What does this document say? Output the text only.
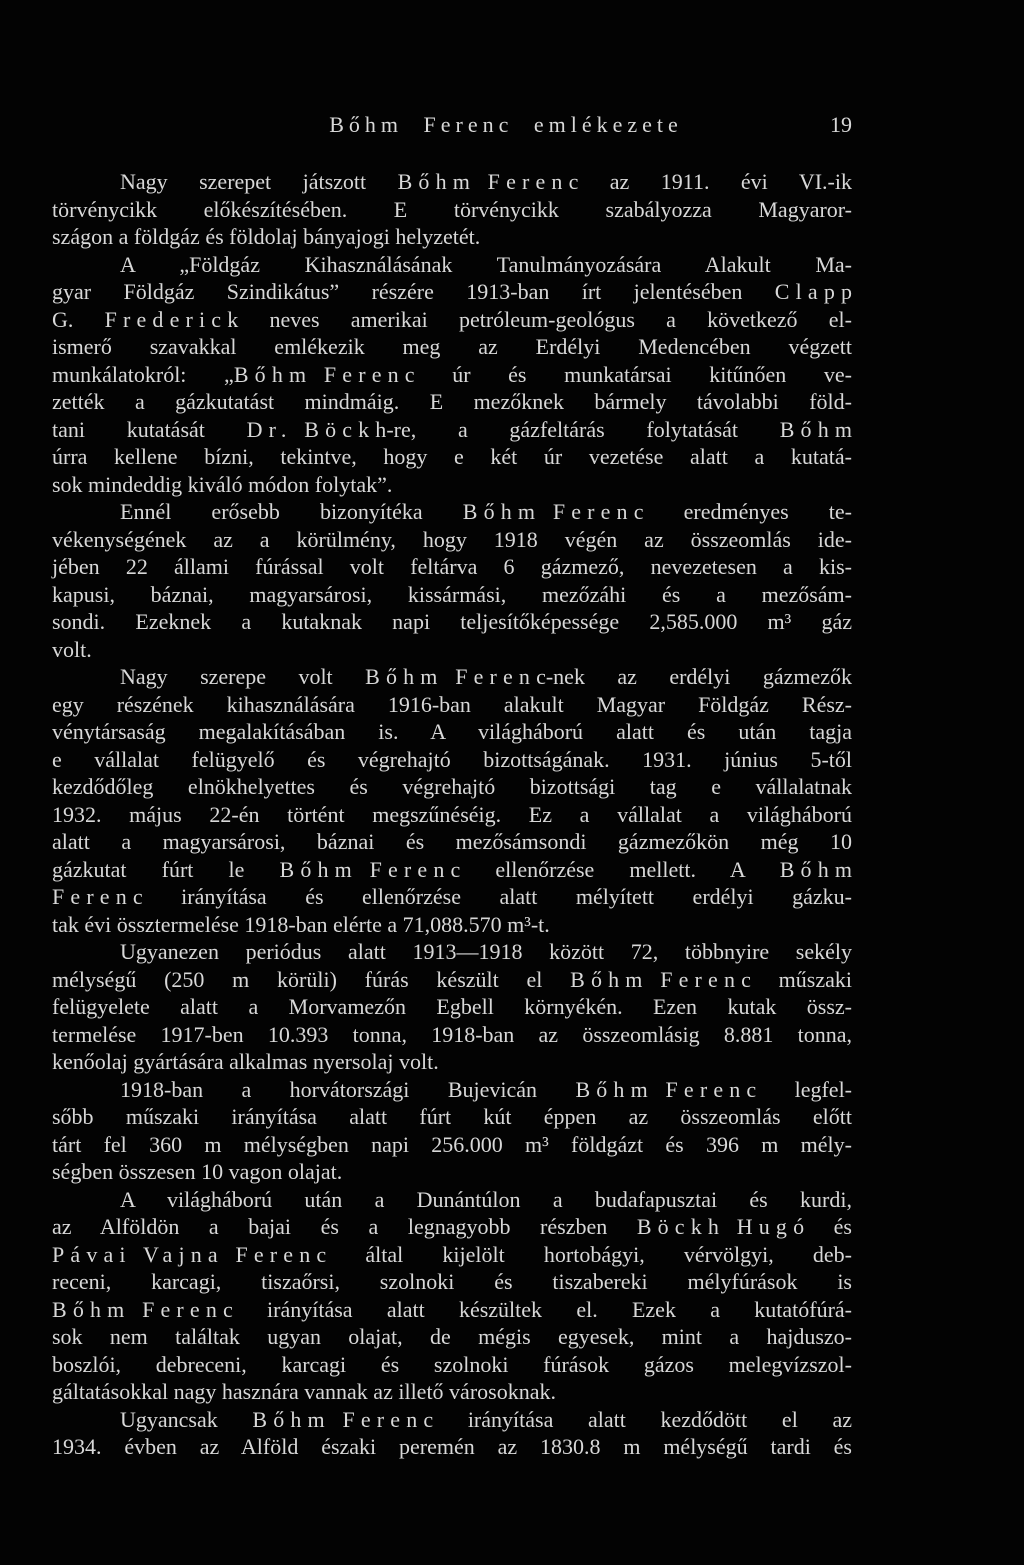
Bőhm Ferenc emlékezete	19
Nagy szerepet játszott Bőhm Ferenc az 1911. évi VI.-ik
törvénycikk előkészítésében. E törvénycikk szabályozza Magyaror-
szágon a földgáz és földolaj bányajogi helyzetét.
A „Földgáz Kihasználásának Tanulmányozására Alakult Ma-
gyar Földgáz Szindikátus” részére 1913-ban írt jelentésében Clapp
G. Frederick neves amerikai petróleum-geológus a következő el-
ismerő szavakkal emlékezik meg az Erdélyi Medencében végzett
munkálatokról: „Bőhm Ferenc úr és munkatársai kitűnően ve-
zették a gázkutatást mindmáig. E mezőknek bármely távolabbi föld-
tani kutatását Dr. Böckh-re, a gázfeltárás folytatását Bőhm
úrra kellene bízni, tekintve, hogy e két úr vezetése alatt a kutatá-
sok mindeddig kiváló módon folytak”.
Ennél erősebb bizonyítéka Bőhm Ferenc eredményes te-
vékenységének az a körülmény, hogy 1918 végén az összeomlás ide-
jében 22 állami fúrással volt feltárva 6 gázmező, nevezetesen a kis-
kapusi, báznai, magyarsárosi, kissármási, mezőzáhi és a mezősám-
sondi. Ezeknek a kutaknak napi teljesítőképessége 2,585.000 m³ gáz
volt.
Nagy szerepe volt Bőhm Ferenc-nek az erdélyi gázmezők
egy részének kihasználására 1916-ban alakult Magyar Földgáz Rész-
vénytársaság megalakításában is. A világháború alatt és után tagja
e vállalat felügyelő és végrehajtó bizottságának. 1931. június 5-től
kezdődőleg elnökhelyettes és végrehajtó bizottsági tag e vállalatnak
1932. május 22-én történt megszűnéséig. Ez a vállalat a világháború
alatt a magyarsárosi, báznai és mezősámsondi gázmezőkön még 10
gázkutat fúrt le Bőhm Ferenc ellenőrzése mellett. A Bőhm
Ferenc irányítása és ellenőrzése alatt mélyített erdélyi gázku-
tak évi össztermelése 1918-ban elérte a 71,088.570 m³-t.
Ugyanezen periódus alatt 1913—1918 között 72, többnyire sekély
mélységű (250 m körüli) fúrás készült el Bőhm Ferenc műszaki
felügyelete alatt a Morvamezőn Egbell környékén. Ezen kutak össz-
termelése 1917-ben 10.393 tonna, 1918-ban az összeomlásig 8.881 tonna,
kenőolaj gyártására alkalmas nyersolaj volt.
1918-ban a horvátországi Bujevicán Bőhm Ferenc legfel-
sőbb műszaki irányítása alatt fúrt kút éppen az összeomlás előtt
tárt fel 360 m mélységben napi 256.000 m³ földgázt és 396 m mély-
ségben összesen 10 vagon olajat.
A világháború után a Dunántúlon a budafapusztai és kurdi,
az Alföldön a bajai és a legnagyobb részben Böckh Hugó és
Pávai Vajna Ferenc által kijelölt hortobágyi, vérvölgyi, deb-
receni, karcagi, tiszaőrsi, szolnoki és tiszabereki mélyfúrások is
Bőhm Ferenc irányítása alatt készültek el. Ezek a kutatófúrá-
sok nem találtak ugyan olajat, de mégis egyesek, mint a hajduszo-
boszlói, debreceni, karcagi és szolnoki fúrások gázos melegvízszol-
gáltatásokkal nagy hasznára vannak az illető városoknak.
Ugyancsak Bőhm Ferenc irányítása alatt kezdődött el az
1934. évben az Alföld északi peremén az 1830.8 m mélységű tardi és
